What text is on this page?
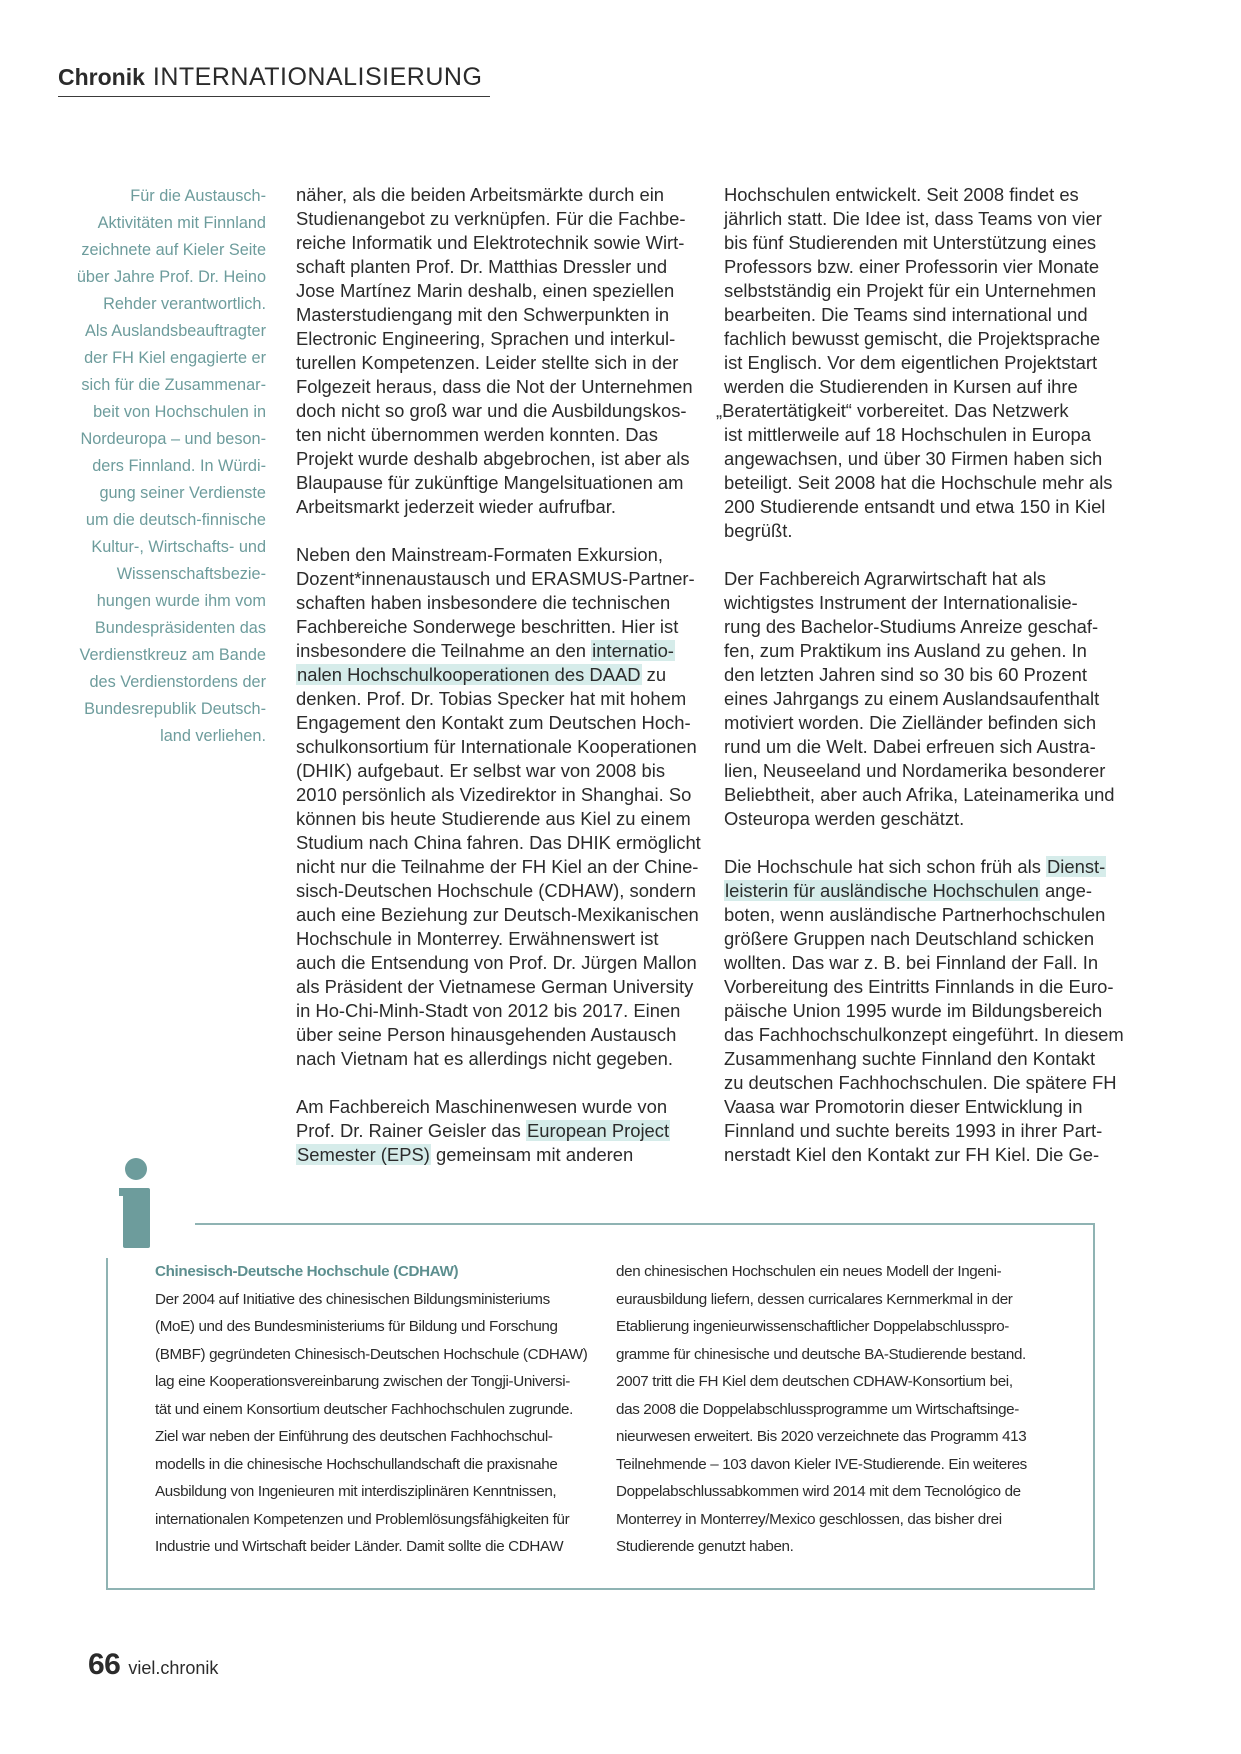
Chronik INTERNATIONALISIERUNG
Für die Austausch-
Aktivitäten mit Finnland
zeichnete auf Kieler Seite
über Jahre Prof. Dr. Heino
Rehder verantwortlich.
Als Auslandsbeauftragter
der FH Kiel engagierte er
sich für die Zusammenar-
beit von Hochschulen in
Nordeuropa – und beson-
ders Finnland. In Würdi-
gung seiner Verdienste
um die deutsch-finnische
Kultur-, Wirtschafts- und
Wissenschaftsbezie-
hungen wurde ihm vom
Bundespräsidenten das
Verdienstkreuz am Bande
des Verdienstordens der
Bundesrepublik Deutsch-
land verliehen.
näher, als die beiden Arbeitsmärkte durch ein
Studienangebot zu verknüpfen. Für die Fachbe-
reiche Informatik und Elektrotechnik sowie Wirt-
schaft planten Prof. Dr. Matthias Dressler und
Jose Martínez Marin deshalb, einen speziellen
Masterstudiengang mit den Schwerpunkten in
Electronic Engineering, Sprachen und interkul-
turellen Kompetenzen. Leider stellte sich in der
Folgezeit heraus, dass die Not der Unternehmen
doch nicht so groß war und die Ausbildungskos-
ten nicht übernommen werden konnten. Das
Projekt wurde deshalb abgebrochen, ist aber als
Blaupause für zukünftige Mangelsituationen am
Arbeitsmarkt jederzeit wieder aufrufbar.
Neben den Mainstream-Formaten Exkursion,
Dozent*innenaustausch und ERASMUS-Partner-
schaften haben insbesondere die technischen
Fachbereiche Sonderwege beschritten. Hier ist
insbesondere die Teilnahme an den internatio-
nalen Hochschulkooperationen des DAAD zu
denken. Prof. Dr. Tobias Specker hat mit hohem
Engagement den Kontakt zum Deutschen Hoch-
schulkonsortium für Internationale Kooperationen
(DHIK) aufgebaut. Er selbst war von 2008 bis
2010 persönlich als Vizedirektor in Shanghai. So
können bis heute Studierende aus Kiel zu einem
Studium nach China fahren. Das DHIK ermöglicht
nicht nur die Teilnahme der FH Kiel an der Chine-
sisch-Deutschen Hochschule (CDHAW), sondern
auch eine Beziehung zur Deutsch-Mexikanischen
Hochschule in Monterrey. Erwähnenswert ist
auch die Entsendung von Prof. Dr. Jürgen Mallon
als Präsident der Vietnamese German University
in Ho-Chi-Minh-Stadt von 2012 bis 2017. Einen
über seine Person hinausgehenden Austausch
nach Vietnam hat es allerdings nicht gegeben.
Am Fachbereich Maschinenwesen wurde von
Prof. Dr. Rainer Geisler das European Project
Semester (EPS) gemeinsam mit anderen
Hochschulen entwickelt. Seit 2008 findet es
jährlich statt. Die Idee ist, dass Teams von vier
bis fünf Studierenden mit Unterstützung eines
Professors bzw. einer Professorin vier Monate
selbstständig ein Projekt für ein Unternehmen
bearbeiten. Die Teams sind international und
fachlich bewusst gemischt, die Projektsprache
ist Englisch. Vor dem eigentlichen Projektstart
werden die Studierenden in Kursen auf ihre
„Beratertätigkeit“ vorbereitet. Das Netzwerk
ist mittlerweile auf 18 Hochschulen in Europa
angewachsen, und über 30 Firmen haben sich
beteiligt. Seit 2008 hat die Hochschule mehr als
200 Studierende entsandt und etwa 150 in Kiel
begrüßt.
Der Fachbereich Agrarwirtschaft hat als
wichtigstes Instrument der Internationalisie-
rung des Bachelor-Studiums Anreize geschaf-
fen, zum Praktikum ins Ausland zu gehen. In
den letzten Jahren sind so 30 bis 60 Prozent
eines Jahrgangs zu einem Auslandsaufenthalt
motiviert worden. Die Zielländer befinden sich
rund um die Welt. Dabei erfreuen sich Austra-
lien, Neuseeland und Nordamerika besonderer
Beliebtheit, aber auch Afrika, Lateinamerika und
Osteuropa werden geschätzt.
Die Hochschule hat sich schon früh als Dienst-
leisterin für ausländische Hochschulen ange-
boten, wenn ausländische Partnerhochschulen
größere Gruppen nach Deutschland schicken
wollten. Das war z. B. bei Finnland der Fall. In
Vorbereitung des Eintritts Finnlands in die Euro-
päische Union 1995 wurde im Bildungsbereich
das Fachhochschulkonzept eingeführt. In diesem
Zusammenhang suchte Finnland den Kontakt
zu deutschen Fachhochschulen. Die spätere FH
Vaasa war Promotorin dieser Entwicklung in
Finnland und suchte bereits 1993 in ihrer Part-
nerstadt Kiel den Kontakt zur FH Kiel. Die Ge-
Chinesisch-Deutsche Hochschule (CDHAW)
Der 2004 auf Initiative des chinesischen Bildungsministeriums
(MoE) und des Bundesministeriums für Bildung und Forschung
(BMBF) gegründeten Chinesisch-Deutschen Hochschule (CDHAW)
lag eine Kooperationsvereinbarung zwischen der Tongji-Universi-
tät und einem Konsortium deutscher Fachhochschulen zugrunde.
Ziel war neben der Einführung des deutschen Fachhochschul-
modells in die chinesische Hochschullandschaft die praxisnahe
Ausbildung von Ingenieuren mit interdisziplinären Kenntnissen,
internationalen Kompetenzen und Problemlösungsfähigkeiten für
Industrie und Wirtschaft beider Länder. Damit sollte die CDHAW
den chinesischen Hochschulen ein neues Modell der Ingeni-
eurausbildung liefern, dessen curricalares Kernmerkmal in der
Etablierung ingenieurwissenschaftlicher Doppelabschlusspro-
gramme für chinesische und deutsche BA-Studierende bestand.
2007 tritt die FH Kiel dem deutschen CDHAW-Konsortium bei,
das 2008 die Doppelabschlussprogramme um Wirtschaftsinge-
nieurwesen erweitert. Bis 2020 verzeichnete das Programm 413
Teilnehmende – 103 davon Kieler IVE-Studierende. Ein weiteres
Doppelabschlussabkommen wird 2014 mit dem Tecnológico de
Monterrey in Monterrey/Mexico geschlossen, das bisher drei
Studierende genutzt haben.
66 viel.chronik
